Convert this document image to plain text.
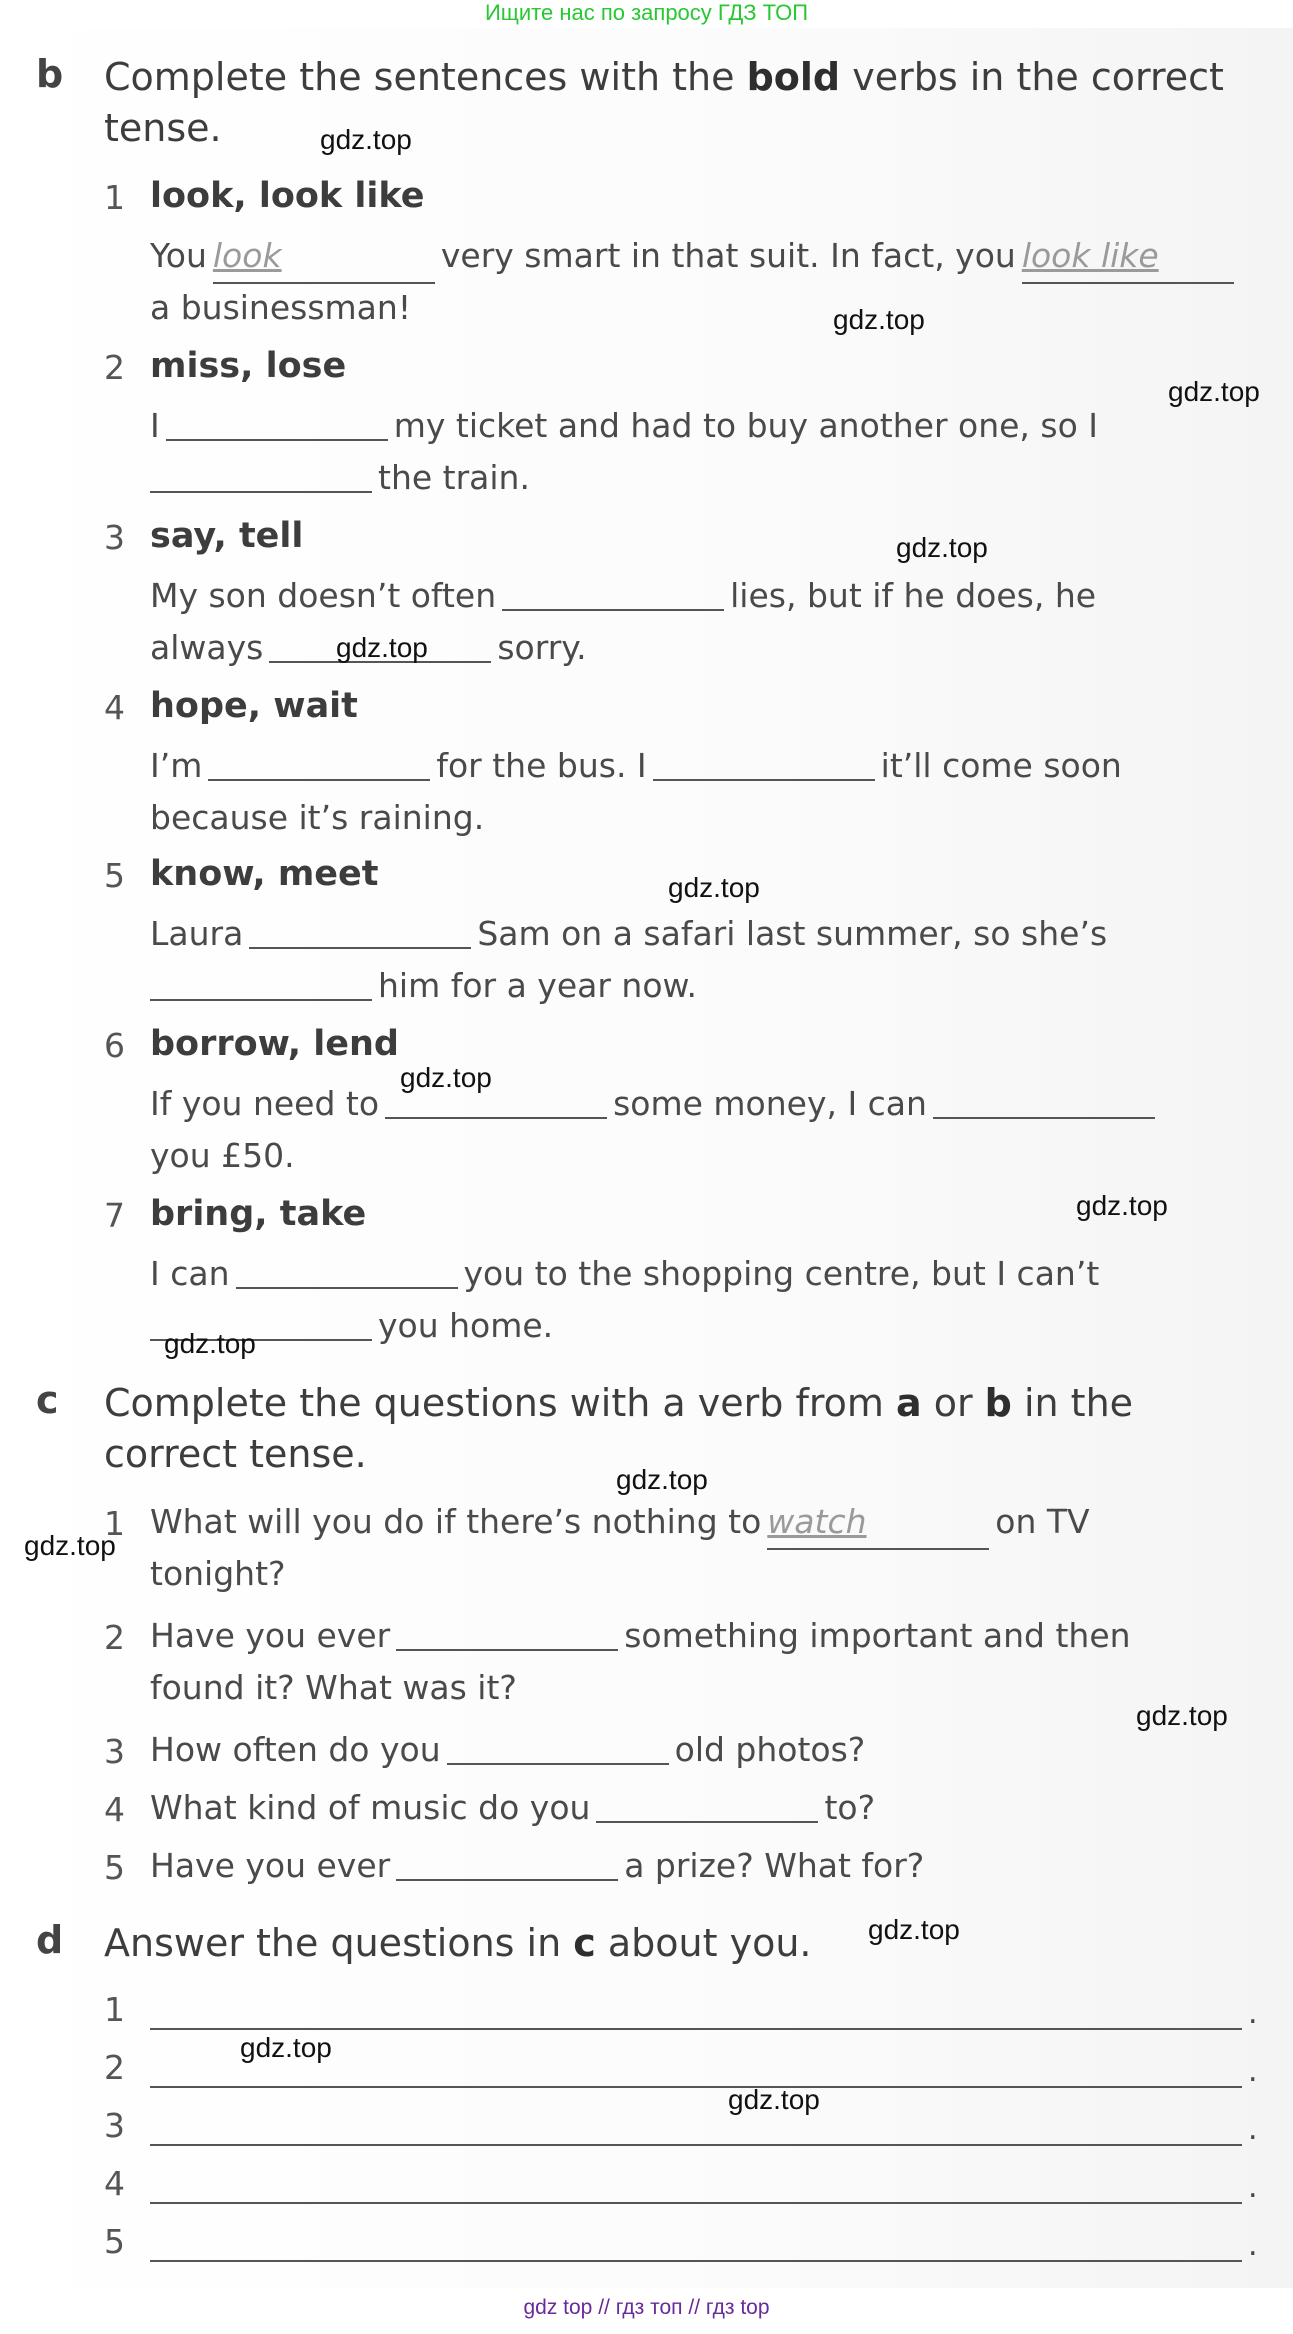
Ищите нас по запросу ГДЗ ТОП
b Complete the sentences with the bold verbs in the correct tense.
1 look, look like
You look	very smart in that suit. In fact, you look like
a businessman!
2 miss, lose
I	my ticket and had to buy another one, so I
the train.
3 say, tell
My son doesn’t often	lies, but if he does, he
always	sorry.
4 hope, wait
I’m	for the bus. I	it’ll come soon
because it’s raining.
5 know, meet
Laura	Sam on a safari last summer, so she’s
him for a year now.
6 borrow, lend
If you need to	some money, I can
you £50.
7 bring, take
I can	you to the shopping centre, but I can’t
you home.
c Complete the questions with a verb from a or b in the correct tense.
1 What will you do if there’s nothing to watch	on TV
tonight?
2 Have you ever	something important and then
found it? What was it?
3 How often do you	old photos?
4 What kind of music do you	to?
5 Have you ever	a prize? What for?
d Answer the questions in c about you.
1	.
2	.
3	.
4	.
5	.
gdz.top
gdz.top
gdz.top
gdz.top
gdz.top
gdz.top
gdz.top
gdz.top
gdz.top
gdz.top
gdz.top
gdz.top
gdz.top
gdz.top
gdz.top
gdz top // гдз топ // гдз top
